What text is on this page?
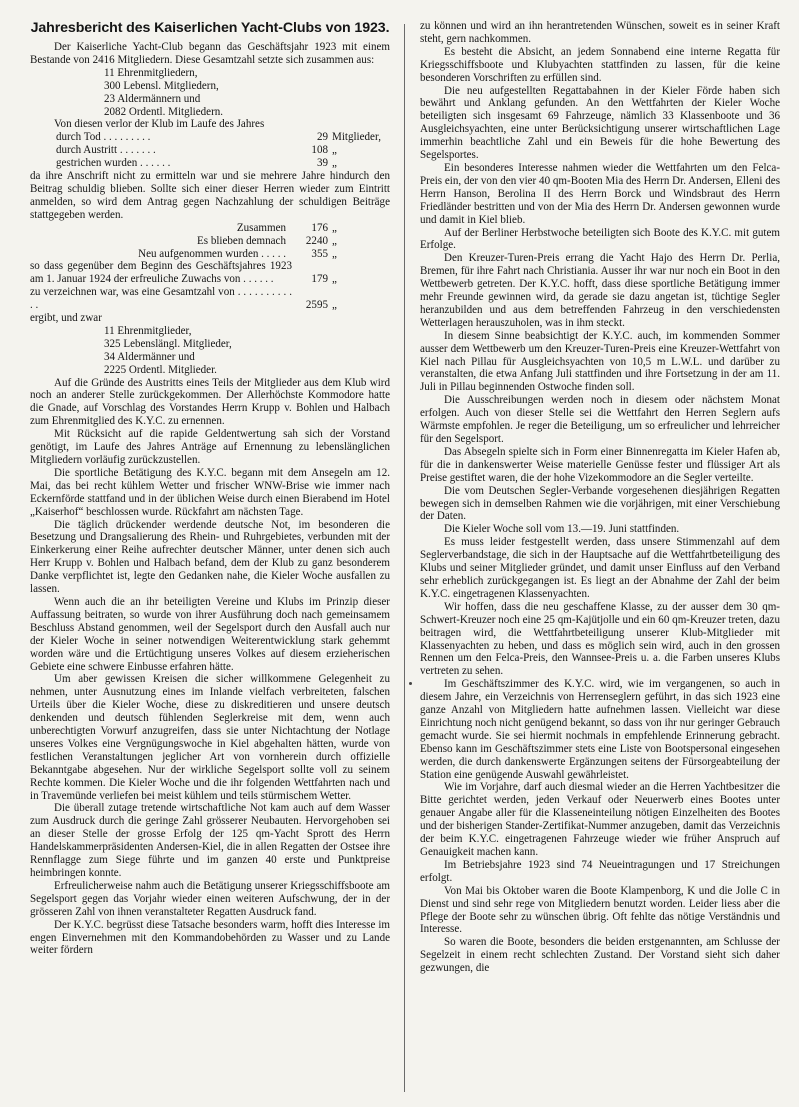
Jahresbericht des Kaiserlichen Yacht-Clubs von 1923.

Der Kaiserliche Yacht-Club begann das Geschäftsjahr 1923 mit einem Bestande von 2416 Mitgliedern. Diese Gesamtzahl setzte sich zusammen aus:

11 Ehrenmitgliedern,
300 Lebensl. Mitgliedern,
23 Aldermännern und
2082 Ordentl. Mitgliedern.

Von diesen verlor der Klub im Laufe des Jahres

durch Tod . . . . . . . . .	29	Mitglieder,
durch Austritt . . . . . . .	108	„
gestrichen wurden . . . . . .	39	„

da ihre Anschrift nicht zu ermitteln war und sie mehrere Jahre hindurch den Beitrag schuldig blieben. Sollte sich einer dieser Herren wieder zum Eintritt anmelden, so wird dem Antrag gegen Nachzahlung der schuldigen Beiträge stattgegeben werden.

Zusammen	176	„
Es blieben demnach	2240	„
Neu aufgenommen wurden . . . . .	355	„
so dass gegenüber dem Beginn des Geschäftsjahres 1923 am 1. Januar 1924 der erfreuliche Zuwachs von . . . . . .	179	„
zu verzeichnen war, was eine Gesamtzahl von . . . . . . . . . . . .	2595	„

ergibt, und zwar

11 Ehrenmitglieder,
325 Lebenslängl. Mitglieder,
34 Aldermänner und
2225 Ordentl. Mitglieder.

Auf die Gründe des Austritts eines Teils der Mitglieder aus dem Klub wird noch an anderer Stelle zurückgekommen. Der Allerhöchste Kommodore hatte die Gnade, auf Vorschlag des Vorstandes Herrn Krupp v. Bohlen und Halbach zum Ehrenmitglied des K.Y.C. zu ernennen.

Mit Rücksicht auf die rapide Geldentwertung sah sich der Vorstand genötigt, im Laufe des Jahres Anträge auf Ernennung zu lebenslänglichen Mitgliedern vorläufig zurückzustellen.

Die sportliche Betätigung des K.Y.C. begann mit dem Ansegeln am 12. Mai, das bei recht kühlem Wetter und frischer WNW-Brise wie immer nach Eckernförde stattfand und in der üblichen Weise durch einen Bierabend im Hotel „Kaiserhof“ beschlossen wurde. Rückfahrt am nächsten Tage.

Die täglich drückender werdende deutsche Not, im besonderen die Besetzung und Drangsalierung des Rhein- und Ruhrgebietes, verbunden mit der Einkerkerung einer Reihe aufrechter deutscher Männer, unter denen sich auch Herr Krupp v. Bohlen und Halbach befand, dem der Klub zu ganz besonderem Danke verpflichtet ist, legte den Gedanken nahe, die Kieler Woche ausfallen zu lassen.

Wenn auch die an ihr beteiligten Vereine und Klubs im Prinzip dieser Auffassung beitraten, so wurde von ihrer Ausführung doch nach gemeinsamem Beschluss Abstand genommen, weil der Segelsport durch den Ausfall auch nur der Kieler Woche in seiner notwendigen Weiterentwicklung stark gehemmt worden wäre und die Ertüchtigung unseres Volkes auf diesem erzieherischen Gebiete eine schwere Einbusse erfahren hätte.

Um aber gewissen Kreisen die sicher willkommene Gelegenheit zu nehmen, unter Ausnutzung eines im Inlande vielfach verbreiteten, falschen Urteils über die Kieler Woche, diese zu diskreditieren und unsere deutsch denkenden und deutsch fühlenden Seglerkreise mit dem, wenn auch unberechtigten Vorwurf anzugreifen, dass sie unter Nichtachtung der Notlage unseres Volkes eine Vergnügungswoche in Kiel abgehalten hätten, wurde von festlichen Veranstaltungen jeglicher Art von vornherein durch offizielle Bekanntgabe abgesehen. Nur der wirkliche Segelsport sollte voll zu seinem Rechte kommen. Die Kieler Woche und die ihr folgenden Wettfahrten nach und in Travemünde verliefen bei meist kühlem und teils stürmischem Wetter.

Die überall zutage tretende wirtschaftliche Not kam auch auf dem Wasser zum Ausdruck durch die geringe Zahl grösserer Neubauten. Hervorgehoben sei an dieser Stelle der grosse Erfolg der 125 qm-Yacht Sprott des Herrn Handelskammerpräsidenten Andersen-Kiel, die in allen Regatten der Ostsee ihre Rennflagge zum Siege führte und im ganzen 40 erste und Punktpreise heimbringen konnte.

Erfreulicherweise nahm auch die Betätigung unserer Kriegsschiffsboote am Segelsport gegen das Vorjahr wieder einen weiteren Aufschwung, der in der grösseren Zahl von ihnen veranstalteter Regatten Ausdruck fand.

Der K.Y.C. begrüsst diese Tatsache besonders warm, hofft dies Interesse im engen Einvernehmen mit den Kommandobehörden zu Wasser und zu Lande weiter fördern

zu können und wird an ihn herantretenden Wünschen, soweit es in seiner Kraft steht, gern nachkommen.

Es besteht die Absicht, an jedem Sonnabend eine interne Regatta für Kriegsschiffsboote und Klubyachten stattfinden zu lassen, für die keine besonderen Vorschriften zu erfüllen sind.

Die neu aufgestellten Regattabahnen in der Kieler Förde haben sich bewährt und Anklang gefunden. An den Wettfahrten der Kieler Woche beteiligten sich insgesamt 69 Fahrzeuge, nämlich 33 Klassenboote und 36 Ausgleichsyachten, eine unter Berücksichtigung unserer wirtschaftlichen Lage immerhin beachtliche Zahl und ein Beweis für die hohe Bewertung des Segelsportes.

Ein besonderes Interesse nahmen wieder die Wettfahrten um den Felca-Preis ein, der von den vier 40 qm-Booten Mia des Herrn Dr. Andersen, Elleni des Herrn Hanson, Berolina II des Herrn Borck und Windsbraut des Herrn Friedländer bestritten und von der Mia des Herrn Dr. Andersen gewonnen wurde und damit in Kiel blieb.

Auf der Berliner Herbstwoche beteiligten sich Boote des K.Y.C. mit gutem Erfolge.

Den Kreuzer-Turen-Preis errang die Yacht Hajo des Herrn Dr. Perlia, Bremen, für ihre Fahrt nach Christiania. Ausser ihr war nur noch ein Boot in den Wettbewerb getreten. Der K.Y.C. hofft, dass diese sportliche Betätigung immer mehr Freunde gewinnen wird, da gerade sie dazu angetan ist, tüchtige Segler heranzubilden und aus dem betreffenden Fahrzeug in den verschiedensten Wetterlagen herauszuholen, was in ihm steckt.

In diesem Sinne beabsichtigt der K.Y.C. auch, im kommenden Sommer ausser dem Wettbewerb um den Kreuzer-Turen-Preis eine Kreuzer-Wettfahrt von Kiel nach Pillau für Ausgleichsyachten von 10,5 m L.W.L. und darüber zu veranstalten, die etwa Anfang Juli stattfinden und ihre Fortsetzung in der am 11. Juli in Pillau beginnenden Ostwoche finden soll.

Die Ausschreibungen werden noch in diesem oder nächstem Monat erfolgen. Auch von dieser Stelle sei die Wettfahrt den Herren Seglern aufs Wärmste empfohlen. Je reger die Beteiligung, um so erfreulicher und lehrreicher für den Segelsport.

Das Absegeln spielte sich in Form einer Binnenregatta im Kieler Hafen ab, für die in dankenswerter Weise materielle Genüsse fester und flüssiger Art als Preise gestiftet waren, die der hohe Vizekommodore an die Segler verteilte.

Die vom Deutschen Segler-Verbande vorgesehenen diesjährigen Regatten bewegen sich in demselben Rahmen wie die vorjährigen, mit einer Verschiebung der Daten.

Die Kieler Woche soll vom 13.—19. Juni stattfinden.

Es muss leider festgestellt werden, dass unsere Stimmenzahl auf dem Seglerverbandstage, die sich in der Hauptsache auf die Wettfahrtbeteiligung des Klubs und seiner Mitglieder gründet, und damit unser Einfluss auf den Verband sehr erheblich zurückgegangen ist. Es liegt an der Abnahme der Zahl der beim K.Y.C. eingetragenen Klassenyachten.

Wir hoffen, dass die neu geschaffene Klasse, zu der ausser dem 30 qm-Schwert-Kreuzer noch eine 25 qm-Kajütjolle und ein 60 qm-Kreuzer treten, dazu beitragen wird, die Wettfahrtbeteiligung unserer Klub-Mitglieder mit Klassenyachten zu heben, und dass es möglich sein wird, auch in den grossen Rennen um den Felca-Preis, den Wannsee-Preis u. a. die Farben unseres Klubs vertreten zu sehen.

Im Geschäftszimmer des K.Y.C. wird, wie im vergangenen, so auch in diesem Jahre, ein Verzeichnis von Herrenseglern geführt, in das sich 1923 eine ganze Anzahl von Mitgliedern hatte aufnehmen lassen. Vielleicht war diese Einrichtung noch nicht genügend bekannt, so dass von ihr nur geringer Gebrauch gemacht wurde. Sie sei hiermit nochmals in empfehlende Erinnerung gebracht. Ebenso kann im Geschäftszimmer stets eine Liste von Bootspersonal eingesehen werden, die durch dankenswerte Ergänzungen seitens der Fürsorgeabteilung der Station eine genügende Auswahl gewährleistet.

Wie im Vorjahre, darf auch diesmal wieder an die Herren Yachtbesitzer die Bitte gerichtet werden, jeden Verkauf oder Neuerwerb eines Bootes unter genauer Angabe aller für die Klasseneinteilung nötigen Einzelheiten des Bootes und der bisherigen Stander-Zertifikat-Nummer anzugeben, damit das Verzeichnis der beim K.Y.C. eingetragenen Fahrzeuge wieder wie früher Anspruch auf Genauigkeit machen kann.

Im Betriebsjahre 1923 sind 74 Neueintragungen und 17 Streichungen erfolgt.

Von Mai bis Oktober waren die Boote Klampenborg, K und die Jolle C in Dienst und sind sehr rege von Mitgliedern benutzt worden. Leider liess aber die Pflege der Boote sehr zu wünschen übrig. Oft fehlte das nötige Verständnis und Interesse.

So waren die Boote, besonders die beiden erstgenannten, am Schlusse der Segelzeit in einem recht schlechten Zustand. Der Vorstand sieht sich daher gezwungen, die
